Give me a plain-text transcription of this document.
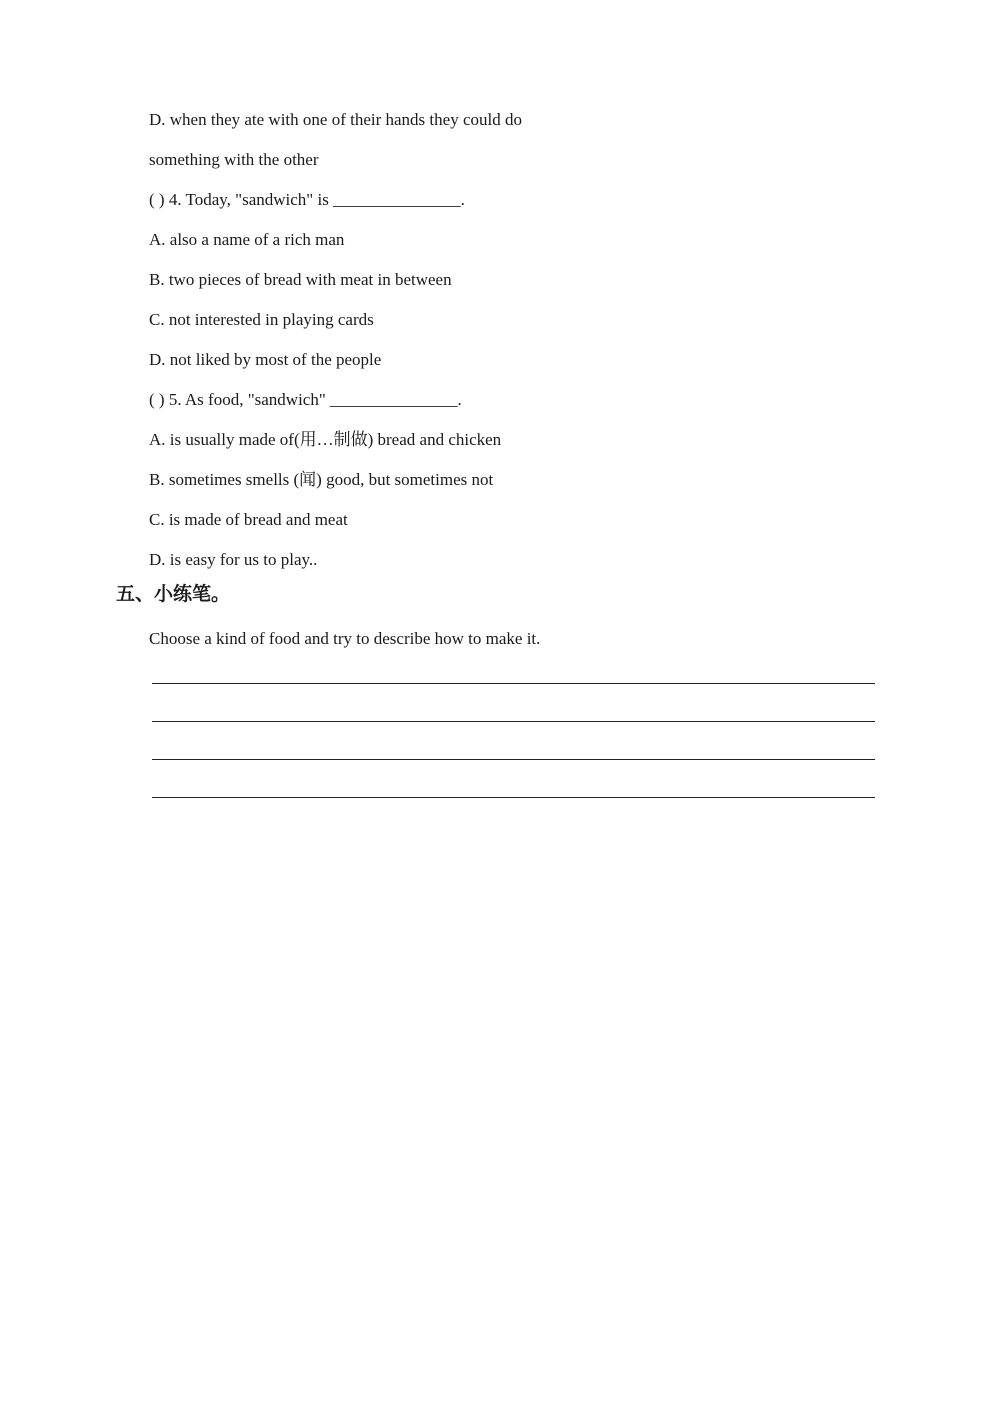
D. when they ate with one of their hands they could do
something with the other
( ) 4. Today, "sandwich" is _______________.
A. also a name of a rich man
B. two pieces of bread with meat in between
C. not interested in playing cards
D. not liked by most of the people
( ) 5. As food, "sandwich" _______________.
A. is usually made of(用…制做) bread and chicken
B. sometimes smells (闻) good, but sometimes not
C. is made of bread and meat
D. is easy for us to play..
五、小练笔。
Choose a kind of food and try to describe how to make it.
